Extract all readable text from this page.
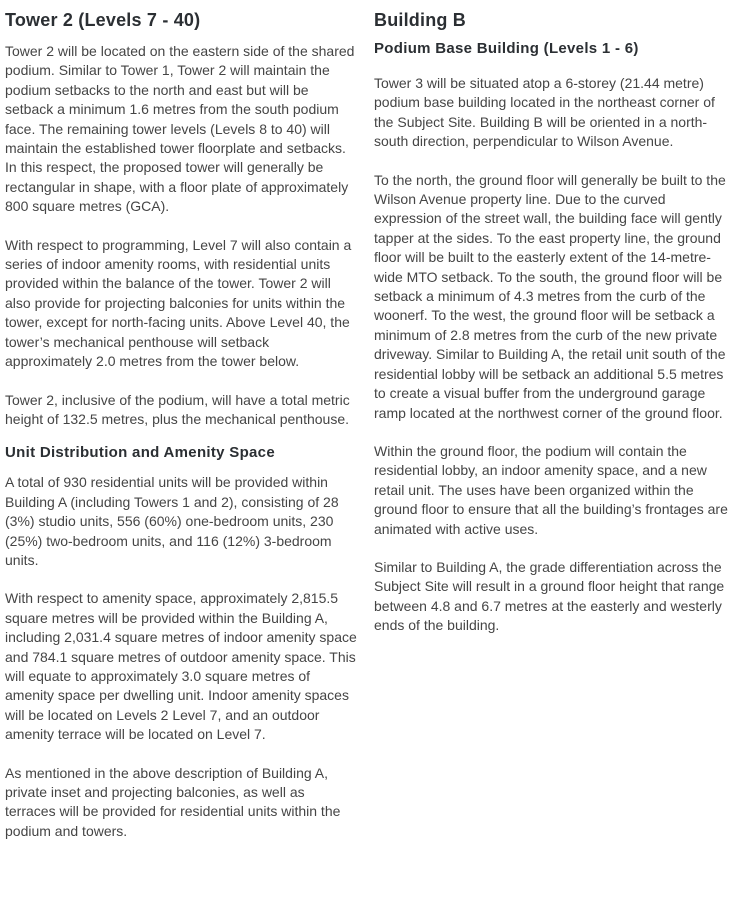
Tower 2 (Levels 7 - 40)

Tower 2 will be located on the eastern side of the shared podium. Similar to Tower 1, Tower 2 will maintain the podium setbacks to the north and east but will be setback a minimum 1.6 metres from the south podium face. The remaining tower levels (Levels 8 to 40) will maintain the established tower floorplate and setbacks. In this respect, the proposed tower will generally be rectangular in shape, with a floor plate of approximately 800 square metres (GCA).

With respect to programming, Level 7 will also contain a series of indoor amenity rooms, with residential units provided within the balance of the tower. Tower 2 will also provide for projecting balconies for units within the tower, except for north-facing units. Above Level 40, the tower’s mechanical penthouse will setback approximately 2.0 metres from the tower below.

Tower 2, inclusive of the podium, will have a total metric height of 132.5 metres, plus the mechanical penthouse.

Unit Distribution and Amenity Space

A total of 930 residential units will be provided within Building A (including Towers 1 and 2), consisting of 28 (3%) studio units, 556 (60%) one-bedroom units, 230 (25%) two-bedroom units, and 116 (12%) 3-bedroom units.

With respect to amenity space, approximately 2,815.5 square metres will be provided within the Building A, including 2,031.4 square metres of indoor amenity space and 784.1 square metres of outdoor amenity space. This will equate to approximately 3.0 square metres of amenity space per dwelling unit. Indoor amenity spaces will be located on Levels 2 Level 7, and an outdoor amenity terrace will be located on Level 7.

As mentioned in the above description of Building A, private inset and projecting balconies, as well as terraces will be provided for residential units within the podium and towers.

Building B
Podium Base Building (Levels 1 - 6)

Tower 3 will be situated atop a 6-storey (21.44 metre) podium base building located in the northeast corner of the Subject Site. Building B will be oriented in a north-south direction, perpendicular to Wilson Avenue.

To the north, the ground floor will generally be built to the Wilson Avenue property line. Due to the curved expression of the street wall, the building face will gently tapper at the sides. To the east property line, the ground floor will be built to the easterly extent of the 14-metre-wide MTO setback. To the south, the ground floor will be setback a minimum of 4.3 metres from the curb of the woonerf. To the west, the ground floor will be setback a minimum of 2.8 metres from the curb of the new private driveway. Similar to Building A, the retail unit south of the residential lobby will be setback an additional 5.5 metres to create a visual buffer from the underground garage ramp located at the northwest corner of the ground floor.

Within the ground floor, the podium will contain the residential lobby, an indoor amenity space, and a new retail unit. The uses have been organized within the ground floor to ensure that all the building’s frontages are animated with active uses.

Similar to Building A, the grade differentiation across the Subject Site will result in a ground floor height that range between 4.8 and 6.7 metres at the easterly and westerly ends of the building.
